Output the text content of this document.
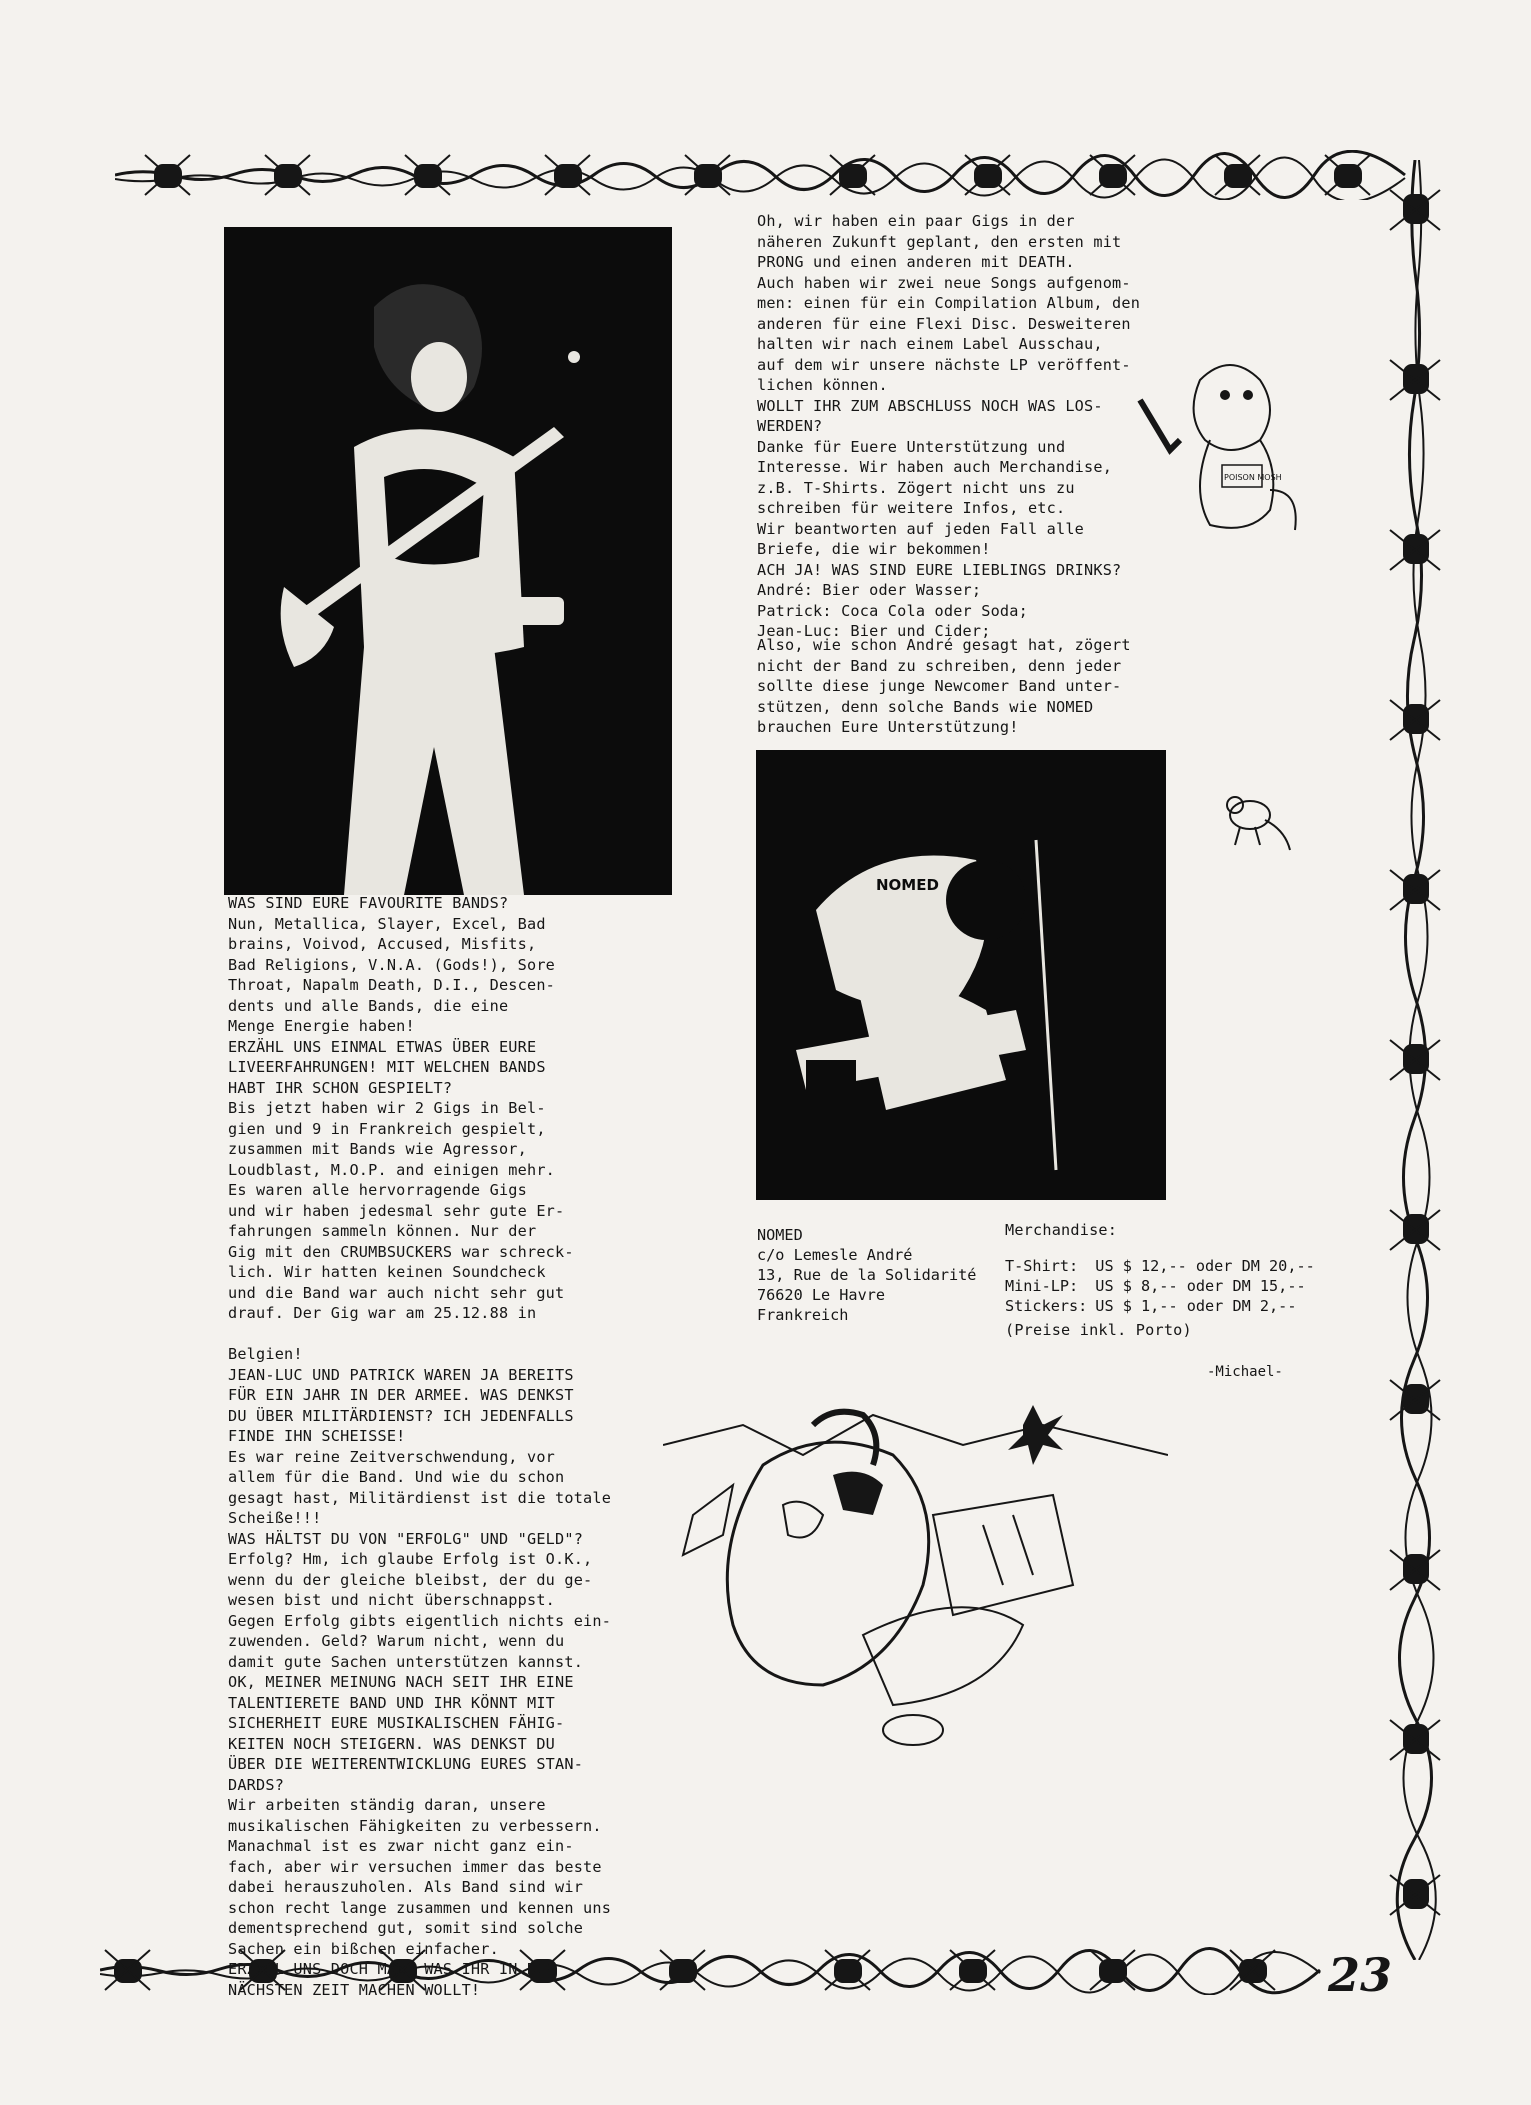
23
WAS SIND EURE FAVOURITE BANDS?
Nun, Metallica, Slayer, Excel, Bad
brains, Voivod, Accused, Misfits,
Bad Religions, V.N.A. (Gods!), Sore
Throat, Napalm Death, D.I., Descen-
dents und alle Bands, die eine
Menge Energie haben!
ERZÄHL UNS EINMAL ETWAS ÜBER EURE
LIVEERFAHRUNGEN! MIT WELCHEN BANDS
HABT IHR SCHON GESPIELT?
Bis jetzt haben wir 2 Gigs in Bel-
gien und 9 in Frankreich gespielt,
zusammen mit Bands wie Agressor,
Loudblast, M.O.P. and einigen mehr.
Es waren alle hervorragende Gigs
und wir haben jedesmal sehr gute Er-
fahrungen sammeln können. Nur der
Gig mit den CRUMBSUCKERS war schreck-
lich. Wir hatten keinen Soundcheck
und die Band war auch nicht sehr gut
drauf. Der Gig war am 25.12.88 in

Belgien!
JEAN-LUC UND PATRICK WAREN JA BEREITS
FÜR EIN JAHR IN DER ARMEE. WAS DENKST
DU ÜBER MILITÄRDIENST? ICH JEDENFALLS
FINDE IHN SCHEISSE!
Es war reine Zeitverschwendung, vor
allem für die Band. Und wie du schon
gesagt hast, Militärdienst ist die totale
Scheiße!!!
WAS HÄLTST DU VON "ERFOLG" UND "GELD"?
Erfolg? Hm, ich glaube Erfolg ist O.K.,
wenn du der gleiche bleibst, der du ge-
wesen bist und nicht überschnappst.
Gegen Erfolg gibts eigentlich nichts ein-
zuwenden. Geld? Warum nicht, wenn du
damit gute Sachen unterstützen kannst.
OK, MEINER MEINUNG NACH SEIT IHR EINE
TALENTIERETE BAND UND IHR KÖNNT MIT
SICHERHEIT EURE MUSIKALISCHEN FÄHIG-
KEITEN NOCH STEIGERN. WAS DENKST DU
ÜBER DIE WEITERENTWICKLUNG EURES STAN-
DARDS?
Wir arbeiten ständig daran, unsere
musikalischen Fähigkeiten zu verbessern.
Manachmal ist es zwar nicht ganz ein-
fach, aber wir versuchen immer das beste
dabei herauszuholen. Als Band sind wir
schon recht lange zusammen und kennen uns
dementsprechend gut, somit sind solche
Sachen ein bißchen einfacher.
ERZÄHL UNS DOCH MAL, WAS IHR IN DER
NÄCHSTEN ZEIT MACHEN WOLLT!
Oh, wir haben ein paar Gigs in der
näheren Zukunft geplant, den ersten mit
PRONG und einen anderen mit DEATH.
Auch haben wir zwei neue Songs aufgenom-
men: einen für ein Compilation Album, den
anderen für eine Flexi Disc. Desweiteren
halten wir nach einem Label Ausschau,
auf dem wir unsere nächste LP veröffent-
lichen können.
WOLLT IHR ZUM ABSCHLUSS NOCH WAS LOS-
WERDEN?
Danke für Euere Unterstützung und
Interesse. Wir haben auch Merchandise,
z.B. T-Shirts. Zögert nicht uns zu
schreiben für weitere Infos, etc.
Wir beantworten auf jeden Fall alle
Briefe, die wir bekommen!
ACH JA! WAS SIND EURE LIEBLINGS DRINKS?
André: Bier oder Wasser;
Patrick: Coca Cola oder Soda;
Jean-Luc: Bier und Cider;
Also, wie schon André gesagt hat, zögert
nicht der Band zu schreiben, denn jeder
sollte diese junge Newcomer Band unter-
stützen, denn solche Bands wie NOMED
brauchen Eure Unterstützung!
POISON MOSH
NOMED
NOMED
c/o Lemesle André
13, Rue de la Solidarité
76620 Le Havre
Frankreich
Merchandise:
T-Shirt:	US $ 12,-- oder DM 20,--
Mini-LP:	US $ 8,-- oder DM 15,--
Stickers:	US $ 1,-- oder DM 2,--
(Preise inkl. Porto)
-Michael-
